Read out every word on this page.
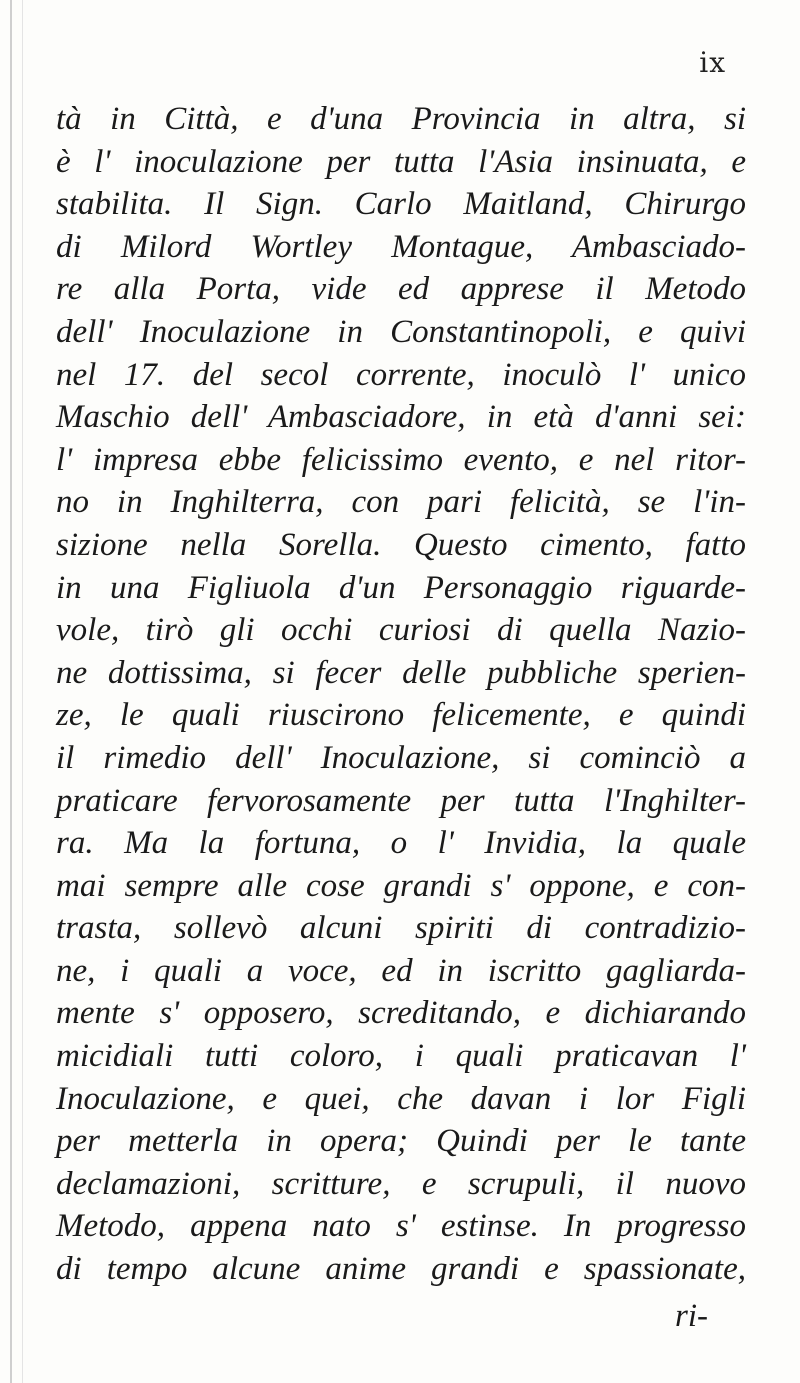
ix
tà in Città, e d'una Provincia in altra, si
è l' inoculazione per tutta l'Asia insinuata, e
stabilita. Il Sign. Carlo Maitland, Chirurgo
di Milord Wortley Montague, Ambasciado-
re alla Porta, vide ed apprese il Metodo
dell' Inoculazione in Constantinopoli, e quivi
nel 17. del secol corrente, inoculò l' unico
Maschio dell' Ambasciadore, in età d'anni sei:
l' impresa ebbe felicissimo evento, e nel ritor-
no in Inghilterra, con pari felicità, se l'in-
sizione nella Sorella. Questo cimento, fatto
in una Figliuola d'un Personaggio riguarde-
vole, tirò gli occhi curiosi di quella Nazio-
ne dottissima, si fecer delle pubbliche sperien-
ze, le quali riuscirono felicemente, e quindi
il rimedio dell' Inoculazione, si cominciò a
praticare fervorosamente per tutta l'Inghilter-
ra. Ma la fortuna, o l' Invidia, la quale
mai sempre alle cose grandi s' oppone, e con-
trasta, sollevò alcuni spiriti di contradizio-
ne, i quali a voce, ed in iscritto gagliarda-
mente s' opposero, screditando, e dichiarando
micidiali tutti coloro, i quali praticavan l'
Inoculazione, e quei, che davan i lor Figli
per metterla in opera; Quindi per le tante
declamazioni, scritture, e scrupuli, il nuovo
Metodo, appena nato s' estinse. In progresso
di tempo alcune anime grandi e spassionate,
ri-
